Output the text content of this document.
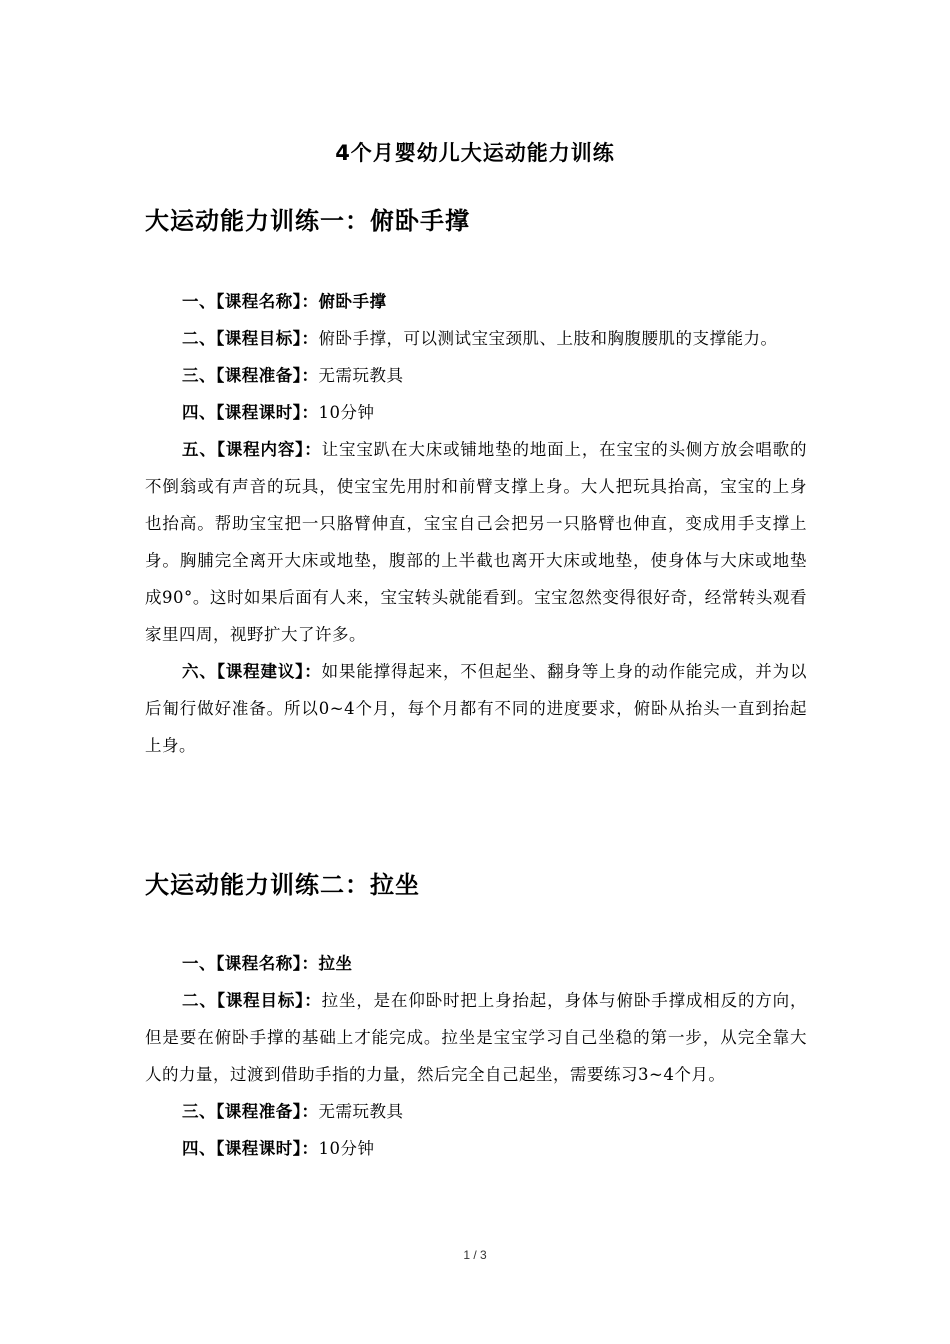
4个月婴幼儿大运动能力训练
大运动能力训练一：俯卧手撑

一、【课程名称】：俯卧手撑

二、【课程目标】：俯卧手撑，可以测试宝宝颈肌、上肢和胸腹腰肌的支撑能力。

三、【课程准备】：无需玩教具

四、【课程课时】：10分钟

五、【课程内容】：让宝宝趴在大床或铺地垫的地面上，在宝宝的头侧方放会唱歌的不倒翁或有声音的玩具，使宝宝先用肘和前臂支撑上身。大人把玩具抬高，宝宝的上身也抬高。帮助宝宝把一只胳臂伸直，宝宝自己会把另一只胳臂也伸直，变成用手支撑上身。胸脯完全离开大床或地垫，腹部的上半截也离开大床或地垫，使身体与大床或地垫成90°。这时如果后面有人来，宝宝转头就能看到。宝宝忽然变得很好奇，经常转头观看家里四周，视野扩大了许多。

六、【课程建议】：如果能撑得起来，不但起坐、翻身等上身的动作能完成，并为以后匍行做好准备。所以0~4个月，每个月都有不同的进度要求，俯卧从抬头一直到抬起上身。

大运动能力训练二：拉坐

一、【课程名称】：拉坐

二、【课程目标】：拉坐，是在仰卧时把上身抬起，身体与俯卧手撑成相反的方向，但是要在俯卧手撑的基础上才能完成。拉坐是宝宝学习自己坐稳的第一步，从完全靠大人的力量，过渡到借助手指的力量，然后完全自己起坐，需要练习3~4个月。

三、【课程准备】：无需玩教具

四、【课程课时】：10分钟

1 / 3
